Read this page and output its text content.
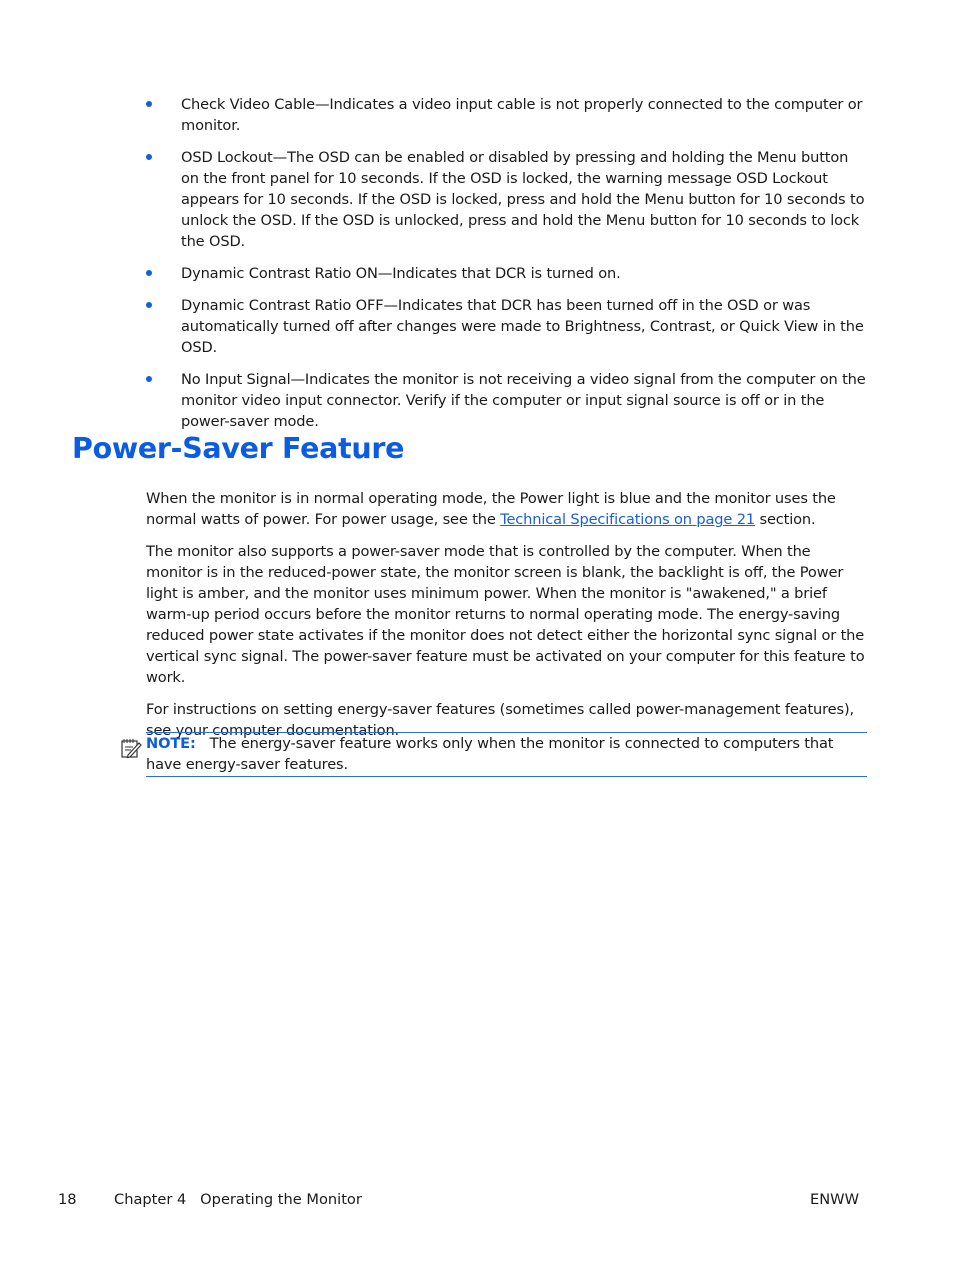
Check Video Cable—Indicates a video input cable is not properly connected to the computer or monitor.
OSD Lockout—The OSD can be enabled or disabled by pressing and holding the Menu button on the front panel for 10 seconds. If the OSD is locked, the warning message OSD Lockout appears for 10 seconds. If the OSD is locked, press and hold the Menu button for 10 seconds to unlock the OSD. If the OSD is unlocked, press and hold the Menu button for 10 seconds to lock the OSD.
Dynamic Contrast Ratio ON—Indicates that DCR is turned on.
Dynamic Contrast Ratio OFF—Indicates that DCR has been turned off in the OSD or was automatically turned off after changes were made to Brightness, Contrast, or Quick View in the OSD.
No Input Signal—Indicates the monitor is not receiving a video signal from the computer on the monitor video input connector. Verify if the computer or input signal source is off or in the power-saver mode.
Power-Saver Feature

When the monitor is in normal operating mode, the Power light is blue and the monitor uses the normal watts of power. For power usage, see the Technical Specifications on page 21 section.

The monitor also supports a power-saver mode that is controlled by the computer. When the monitor is in the reduced-power state, the monitor screen is blank, the backlight is off, the Power light is amber, and the monitor uses minimum power. When the monitor is "awakened," a brief warm-up period occurs before the monitor returns to normal operating mode. The energy-saving reduced power state activates if the monitor does not detect either the horizontal sync signal or the vertical sync signal. The power-saver feature must be activated on your computer for this feature to work.

For instructions on setting energy-saver features (sometimes called power-management features), see your computer documentation.

NOTE: The energy-saver feature works only when the monitor is connected to computers that have energy-saver features.
18	Chapter 4   Operating the Monitor	ENWW
